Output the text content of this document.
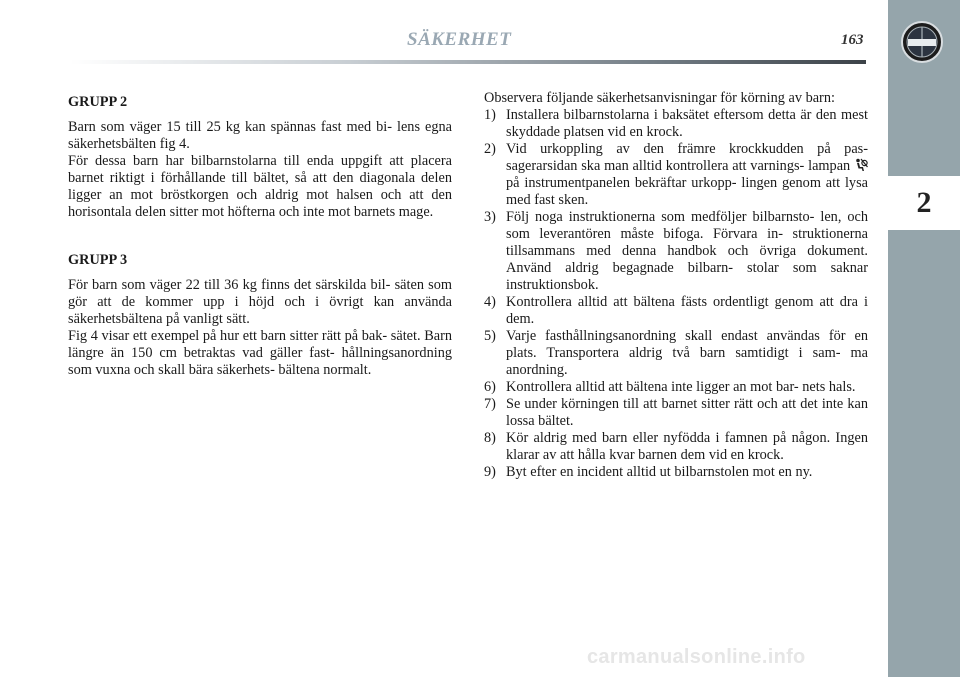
2
SÄKERHET	163
GRUPP 2

Barn som väger 15 till 25 kg kan spännas fast med bi- lens egna säkerhetsbälten fig 4.

För dessa barn har bilbarnstolarna till enda uppgift att placera barnet riktigt i förhållande till bältet, så att den diagonala delen ligger an mot bröstkorgen och aldrig mot halsen och att den horisontala delen sitter mot höfterna och inte mot barnets mage.

GRUPP 3

För barn som väger 22 till 36 kg finns det särskilda bil- säten som gör att de kommer upp i höjd och i övrigt kan använda säkerhetsbältena på vanligt sätt.

Fig 4 visar ett exempel på hur ett barn sitter rätt på bak- sätet. Barn längre än 150 cm betraktas vad gäller fast- hållningsanordning som vuxna och skall bära säkerhets- bältena normalt.

Observera följande säkerhetsanvisningar för körning av barn:

1) Installera bilbarnstolarna i baksätet eftersom detta är den mest skyddade platsen vid en krock.
2) Vid urkoppling av den främre krockkudden på pas- sagerarsidan ska man alltid kontrollera att varnings- lampan  på instrumentpanelen bekräftar urkopp- lingen genom att lysa med fast sken.
3) Följ noga instruktionerna som medföljer bilbarnsto- len, och som leverantören måste bifoga. Förvara in- struktionerna tillsammans med denna handbok och övriga dokument. Använd aldrig begagnade bilbarn- stolar som saknar instruktionsbok.
4) Kontrollera alltid att bältena fästs ordentligt genom att dra i dem.
5) Varje fasthållningsanordning skall endast användas för en plats. Transportera aldrig två barn samtidigt i sam- ma anordning.
6) Kontrollera alltid att bältena inte ligger an mot bar- nets hals.
7) Se under körningen till att barnet sitter rätt och att det inte kan lossa bältet.
8) Kör aldrig med barn eller nyfödda i famnen på någon. Ingen klarar av att hålla kvar barnen dem vid en krock.
9) Byt efter en incident alltid ut bilbarnstolen mot en ny.
carmanualsonline.info
